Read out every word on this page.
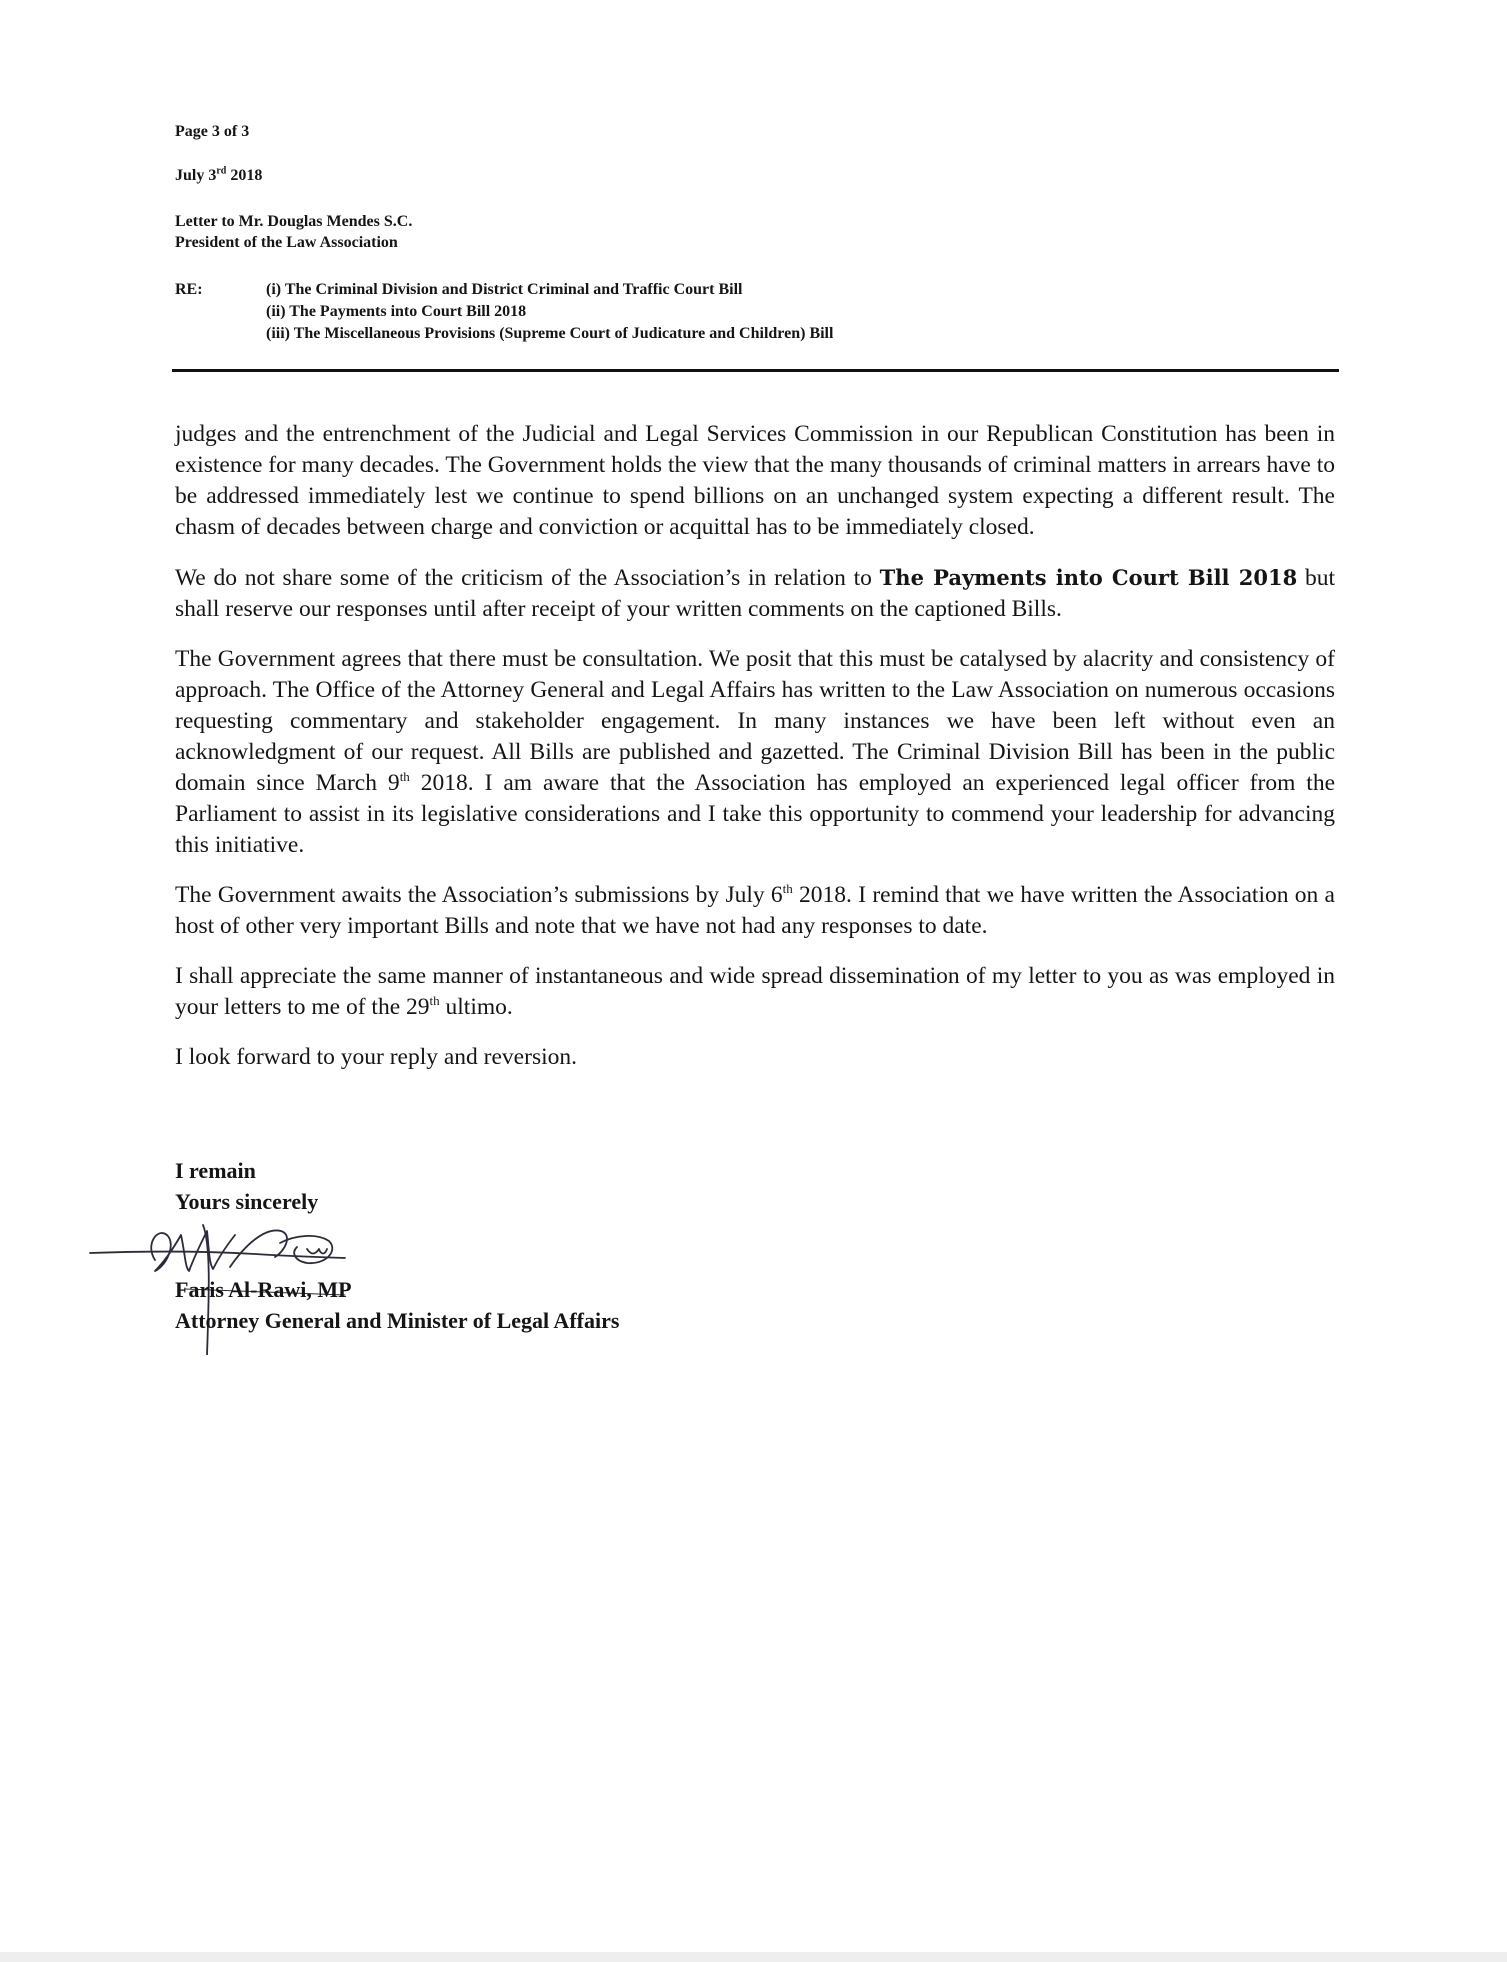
Page 3 of 3
July 3rd 2018
Letter to Mr. Douglas Mendes S.C.
President of the Law Association
RE:	(i) The Criminal Division and District Criminal and Traffic Court Bill
(ii) The Payments into Court Bill 2018
(iii) The Miscellaneous Provisions (Supreme Court of Judicature and Children) Bill

judges and the entrenchment of the Judicial and Legal Services Commission in our Republican Constitution has been in existence for many decades. The Government holds the view that the many thousands of criminal matters in arrears have to be addressed immediately lest we continue to spend billions on an unchanged system expecting a different result. The chasm of decades between charge and conviction or acquittal has to be immediately closed.

We do not share some of the criticism of the Association’s in relation to The Payments into Court Bill 2018 but shall reserve our responses until after receipt of your written comments on the captioned Bills.

The Government agrees that there must be consultation. We posit that this must be catalysed by alacrity and consistency of approach. The Office of the Attorney General and Legal Affairs has written to the Law Association on numerous occasions requesting commentary and stakeholder engagement. In many instances we have been left without even an acknowledgment of our request. All Bills are published and gazetted. The Criminal Division Bill has been in the public domain since March 9th 2018. I am aware that the Association has employed an experienced legal officer from the Parliament to assist in its legislative considerations and I take this opportunity to commend your leadership for advancing this initiative.

The Government awaits the Association’s submissions by July 6th 2018. I remind that we have written the Association on a host of other very important Bills and note that we have not had any responses to date.

I shall appreciate the same manner of instantaneous and wide spread dissemination of my letter to you as was employed in your letters to me of the 29th ultimo.

I look forward to your reply and reversion.

I remain
Yours sincerely
Faris Al-Rawi, MP
Attorney General and Minister of Legal Affairs
